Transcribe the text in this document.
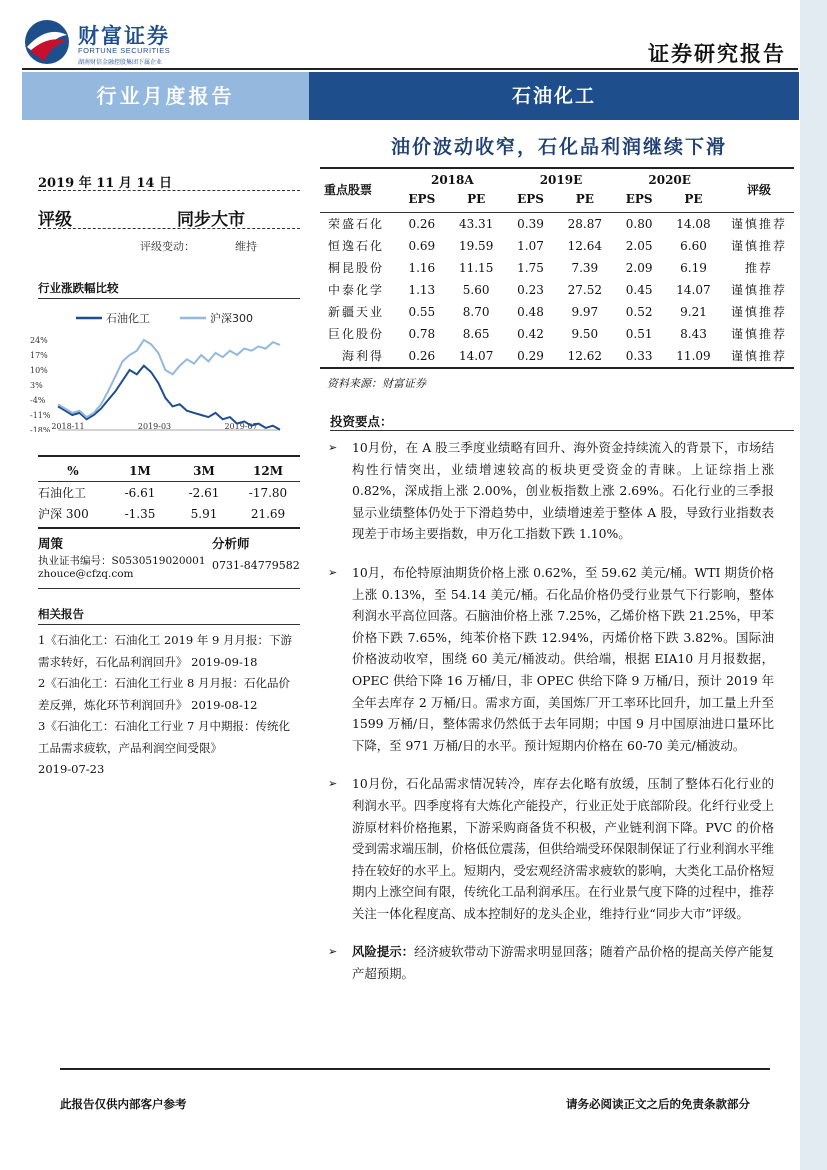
财富证券
FORTUNE SECURITIES
湖南财信金融控股集团下属企业	证券研究报告
行业月度报告	石油化工
油价波动收窄，石化品利润继续下滑
2019 年 11 月 14 日
评级	同步大市
评级变动：	维持
行业涨跌幅比较
石油化工	沪深300
24%
17%
10%
3%
-4%
-11%
-18% 2018-11	2019-03	2019-07
%	1M	3M	12M
石油化工	-6.61	-2.61	-17.80
沪深 300	-1.35	5.91	21.69
周策	分析师
执业证书编号：S0530519020001
zhouce@cfzq.com
0731-84779582
相关报告

1《石油化工：石油化工 2019 年 9 月月报：下游需求转好，石化品利润回升》 2019-09-18

2《石油化工：石油化工行业 8 月月报：石化品价差反弹，炼化环节利润回升》 2019-08-12

3《石油化工：石油化工行业 7 月中期报：传统化工品需求疲软，产品利润空间受限》

2019-07-23

重点股票	2018A		2019E		2020E		评级
	EPS	PE	EPS	PE	EPS	PE	

荣盛石化	0.26	43.31	0.39	28.87	0.80	14.08	谨慎推荐
恒逸石化	0.69	19.59	1.07	12.64	2.05	6.60	谨慎推荐
桐昆股份	1.16	11.15	1.75	7.39	2.09	6.19	推荐
中泰化学	1.13	5.60	0.23	27.52	0.45	14.07	谨慎推荐
新疆天业	0.55	8.70	0.48	9.97	0.52	9.21	谨慎推荐
巨化股份	0.78	8.65	0.42	9.50	0.51	8.43	谨慎推荐
海利得	0.26	14.07	0.29	12.62	0.33	11.09	谨慎推荐
资料来源：财富证券
投资要点：
➢ 10月份，在 A 股三季度业绩略有回升、海外资金持续流入的背景下，市场结构性行情突出，业绩增速较高的板块更受资金的青睐。上证综指上涨 0.82%，深成指上涨 2.00%，创业板指数上涨 2.69%。石化行业的三季报显示业绩整体仍处于下滑趋势中，业绩增速差于整体 A 股，导致行业指数表现差于市场主要指数，申万化工指数下跌 1.10%。
➢ 10月，布伦特原油期货价格上涨 0.62%，至 59.62 美元/桶。WTI 期货价格上涨 0.13%，至 54.14 美元/桶。石化品价格仍受行业景气下行影响，整体利润水平高位回落。石脑油价格上涨 7.25%，乙烯价格下跌 21.25%，甲苯价格下跌 7.65%，纯苯价格下跌 12.94%，丙烯价格下跌 3.82%。国际油价格波动收窄，围绕 60 美元/桶波动。供给端，根据 EIA10 月月报数据，OPEC 供给下降 16 万桶/日，非 OPEC 供给下降 9 万桶/日，预计 2019 年全年去库存 2 万桶/日。需求方面，美国炼厂开工率环比回升，加工量上升至 1599 万桶/日，整体需求仍然低于去年同期；中国 9 月中国原油进口量环比下降，至 971 万桶/日的水平。预计短期内价格在 60-70 美元/桶波动。
➢ 10月份，石化品需求情况转冷，库存去化略有放缓，压制了整体石化行业的利润水平。四季度将有大炼化产能投产，行业正处于底部阶段。化纤行业受上游原材料价格拖累，下游采购商备货不积极，产业链利润下降。PVC 的价格受到需求端压制，价格低位震荡，但供给端受环保限制保证了行业利润水平维持在较好的水平上。短期内，受宏观经济需求疲软的影响，大类化工品价格短期内上涨空间有限，传统化工品利润承压。在行业景气度下降的过程中，推荐关注一体化程度高、成本控制好的龙头企业，维持行业“同步大市”评级。
➢ 风险提示：经济疲软带动下游需求明显回落；随着产品价格的提高关停产能复产超预期。
此报告仅供内部客户参考	请务必阅读正文之后的免责条款部分
